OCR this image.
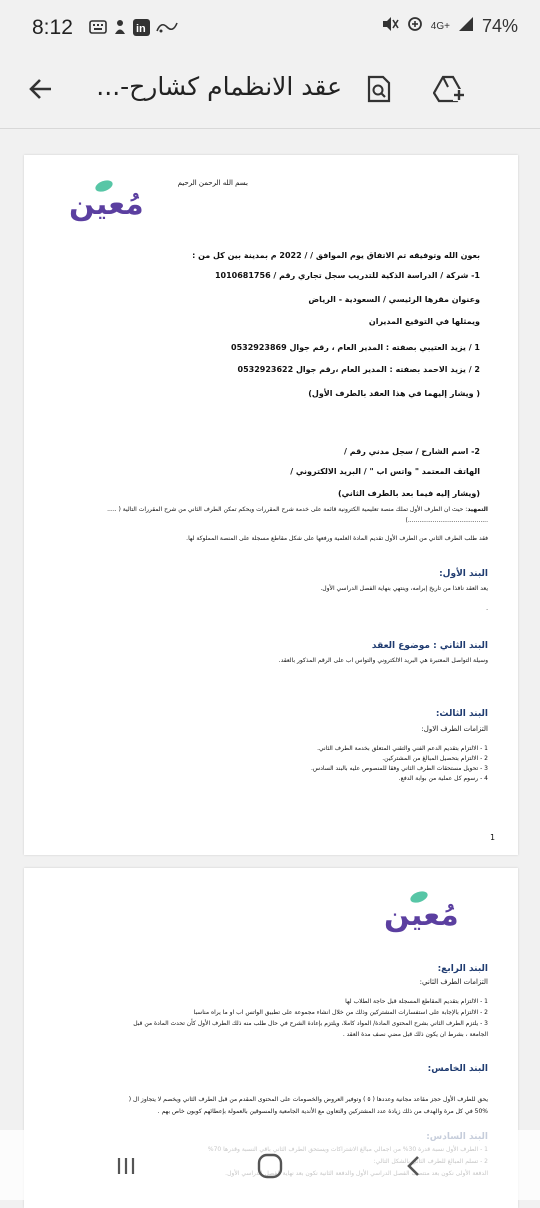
8:12	in	4G+ 74%
عقد الانظمام كشارح-...
بسم الله الرحمن الرحيم
مُعين
بعون الله وتوفيقه تم الاتفاق يوم الموافق / / 2022 م بمدينة بين كل من :
1- شركة / الدراسة الذكية للتدريب سجل تجاري رقم / 1010681756
وعنوان مقرها الرئيسي / السعودية - الرياض
ويمثلها في التوقيع المديران
1 / يزيد العتيبي بصفته : المدير العام ، رقم جوال 0532923869
2 / يزيد الاحمد بصفته : المدير العام ،رقم جوال 0532923622
( ويشار إليهما في هذا العقد بالطرف الأول)
2- اسم الشارح / سجل مدني رقم /
الهاتف المعتمد " واتس اب " / البريد الالكتروني /
(ويشار إليه فيما بعد بالطرف الثاني)
التمهيد: حيث ان الطرف الأول تملك منصة تعليمية الكترونية قائمة على خدمة شرح المقررات ويحكم تمكن الطرف الثاني من شرح المقررات التالية ( .....
..........................................)
فقد طلب الطرف الثاني من الطرف الأول تقديم المادة العلمية ورفعها على شكل مقاطع مسجلة على المنصة المملوكة لها.
البند الأول:
يعد العقد نافذا من تاريخ إبرامه، وينتهي بنهاية الفصل الدراسي الأول.
.
البند الثاني : موضوع العقد
وسيلة التواصل المعتبرة هي البريد الالكتروني والتواس اب على الرقم المذكور بالعقد.
البند الثالث:
التزامات الطرف الاول:
1 - الالتزام بتقديم الدعم الفني والتقني المتعلق بخدمة الطرف الثاني.
2 - الالتزام بتحصيل المبالغ من المشتركين.
3 - تحويل مستحقات الطرف الثاني وفقا للمنصوص عليه بالبند السادس.
4 - رسوم كل عملية من بوابة الدفع.
1
مُعين
البند الرابع:
التزامات الطرف الثاني:
1 - الالتزام بتقديم المقاطع المسجلة قبل حاجة الطلاب لها
2 - الالتزام بالإجابة على استفسارات المشتركين وذلك من خلال انشاء مجموعة على تطبيق الواتس اب او ما يراه مناسبا
3 - يلتزم الطرف الثاني بشرح المحتوى المادة/ المواد كاملا، ويلتزم بإعادة الشرح في حال طلب منه ذلك الطرف الأول كأن تحدث المادة من قبل
الجامعة ، بشرط ان يكون ذلك قبل مضي نصف مدة العقد .
البند الخامس:
يحق للطرف الأول حجز مقاعد مجانية وعددها ( ٥ ) وتوفير العروض والخصومات على المحتوى المقدم من قبل الطرف الثاني ويخصم لا يتجاوز ال (
50% في كل مرة والهدف من ذلك زيادة عدد المشتركين والتعاون مع الأندية الجامعية والمسوقين بالعمولة بإعطائهم كوبون خاص بهم .
